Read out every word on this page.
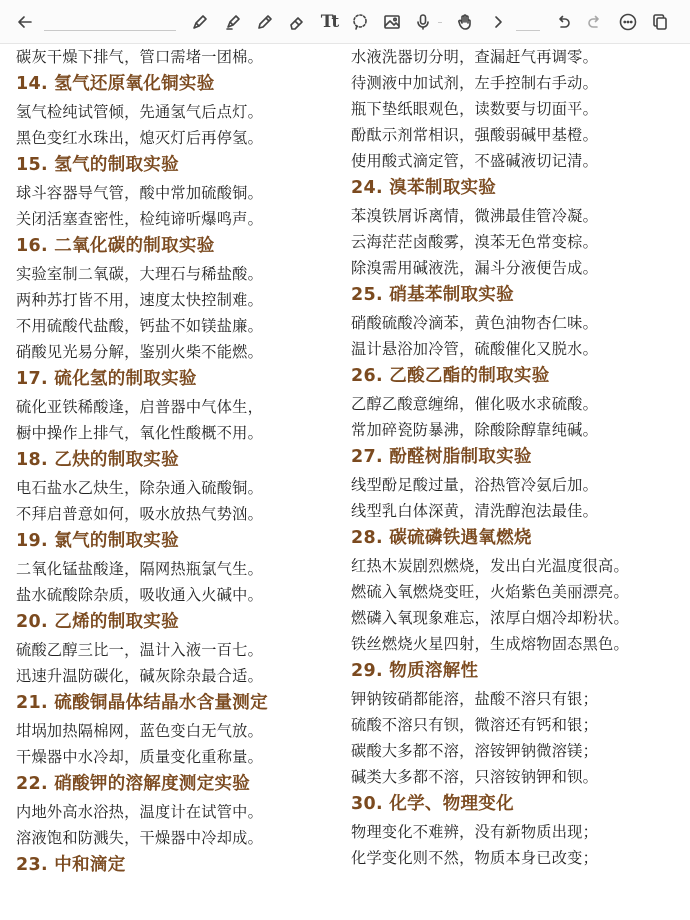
Tt
碳灰干燥下排气，管口需堵一团棉。
14. 氢气还原氧化铜实验
氢气检纯试管倾，先通氢气后点灯。
黑色变红水珠出，熄灭灯后再停氢。
15. 氢气的制取实验
球斗容器导气管，酸中常加硫酸铜。
关闭活塞查密性，检纯谛听爆鸣声。
16. 二氧化碳的制取实验
实验室制二氧碳，大理石与稀盐酸。
两种苏打皆不用，速度太快控制难。
不用硫酸代盐酸，钙盐不如镁盐廉。
硝酸见光易分解，鉴别火柴不能燃。
17. 硫化氢的制取实验
硫化亚铁稀酸逢，启普器中气体生，
橱中操作上排气，氧化性酸概不用。
18. 乙炔的制取实验
电石盐水乙炔生，除杂通入硫酸铜。
不拜启普意如何，吸水放热气势汹。
19. 氯气的制取实验
二氧化锰盐酸逢，隔网热瓶氯气生。
盐水硫酸除杂质，吸收通入火碱中。
20. 乙烯的制取实验
硫酸乙醇三比一，温计入液一百七。
迅速升温防碳化，碱灰除杂最合适。
21. 硫酸铜晶体结晶水含量测定
坩埚加热隔棉网，蓝色变白无气放。
干燥器中水冷却，质量变化重称量。
22. 硝酸钾的溶解度测定实验
内地外高水浴热，温度计在试管中。
溶液饱和防溅失，干燥器中冷却成。
23. 中和滴定
水液洗器切分明，查漏赶气再调零。
待测液中加试剂，左手控制右手动。
瓶下垫纸眼观色，读数要与切面平。
酚酞示剂常相识，强酸弱碱甲基橙。
使用酸式滴定管，不盛碱液切记清。
24. 溴苯制取实验
苯溴铁屑诉离情，微沸最佳管冷凝。
云海茫茫卤酸雾，溴苯无色常变棕。
除溴需用碱液洗，漏斗分液便告成。
25. 硝基苯制取实验
硝酸硫酸冷滴苯，黄色油物杏仁味。
温计悬浴加冷管，硫酸催化又脱水。
26. 乙酸乙酯的制取实验
乙醇乙酸意缠绵，催化吸水求硫酸。
常加碎瓷防暴沸，除酸除醇靠纯碱。
27. 酚醛树脂制取实验
线型酚足酸过量，浴热管冷氨后加。
线型乳白体深黄，清洗醇泡法最佳。
28. 碳硫磷铁遇氧燃烧
红热木炭剧烈燃烧，发出白光温度很高。
燃硫入氧燃烧变旺，火焰紫色美丽漂亮。
燃磷入氧现象难忘，浓厚白烟冷却粉状。
铁丝燃烧火星四射，生成熔物固态黑色。
29. 物质溶解性
钾钠铵硝都能溶，盐酸不溶只有银；
硫酸不溶只有钡，微溶还有钙和银；
碳酸大多都不溶，溶铵钾钠微溶镁；
碱类大多都不溶，只溶铵钠钾和钡。
30. 化学、物理变化
物理变化不难辨，没有新物质出现；
化学变化则不然，物质本身已改变；
